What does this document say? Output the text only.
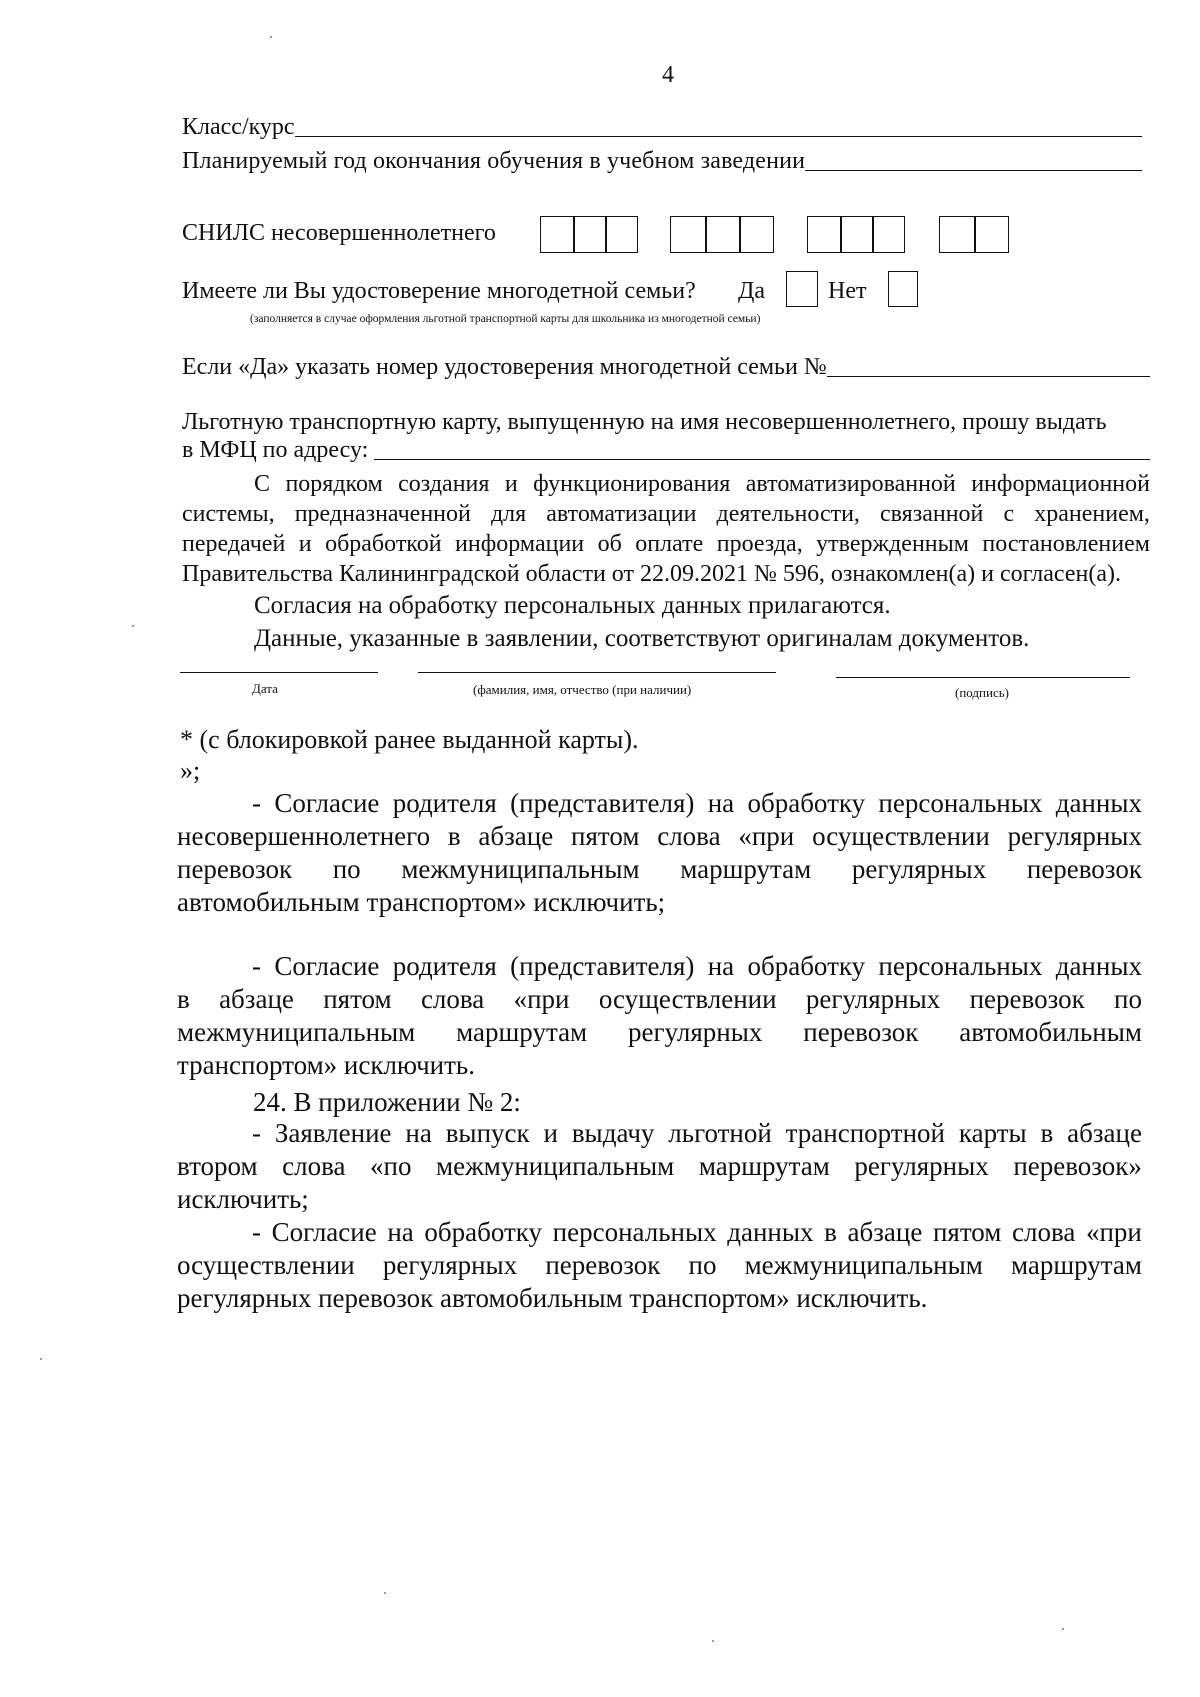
4
Класс/курс
Планируемый год окончания обучения в учебном заведении
СНИЛС несовершеннолетнего
Имеете ли Вы удостоверение многодетной семьи? Да	Нет
(заполняется в случае оформления льготной транспортной карты для школьника из многодетной семьи)
Если «Да» указать номер удостоверения многодетной семьи №
Льготную транспортную карту, выпущенную на имя несовершеннолетнего, прошу выдать
в МФЦ по адресу:
С порядком создания и функционирования автоматизированной информационной
системы, предназначенной для автоматизации деятельности, связанной с хранением,
передачей и обработкой информации об оплате проезда, утвержденным постановлением
Правительства Калининградской области от 22.09.2021 № 596, ознакомлен(а) и согласен(а).
Согласия на обработку персональных данных прилагаются.
Данные, указанные в заявлении, соответствуют оригиналам документов.
Дата	(фамилия, имя, отчество (при наличии)	(подпись)
* (с блокировкой ранее выданной карты).
»;
- Согласие родителя (представителя) на обработку персональных данных
несовершеннолетнего в абзаце пятом слова «при осуществлении регулярных
перевозок по межмуниципальным маршрутам регулярных перевозок
автомобильным транспортом» исключить;
- Согласие родителя (представителя) на обработку персональных данных
в абзаце пятом слова «при осуществлении регулярных перевозок по
межмуниципальным маршрутам регулярных перевозок автомобильным
транспортом» исключить.
24. В приложении № 2:
- Заявление на выпуск и выдачу льготной транспортной карты в абзаце
втором слова «по межмуниципальным маршрутам регулярных перевозок»
исключить;
- Согласие на обработку персональных данных в абзаце пятом слова «при
осуществлении регулярных перевозок по межмуниципальным маршрутам
регулярных перевозок автомобильным транспортом» исключить.
